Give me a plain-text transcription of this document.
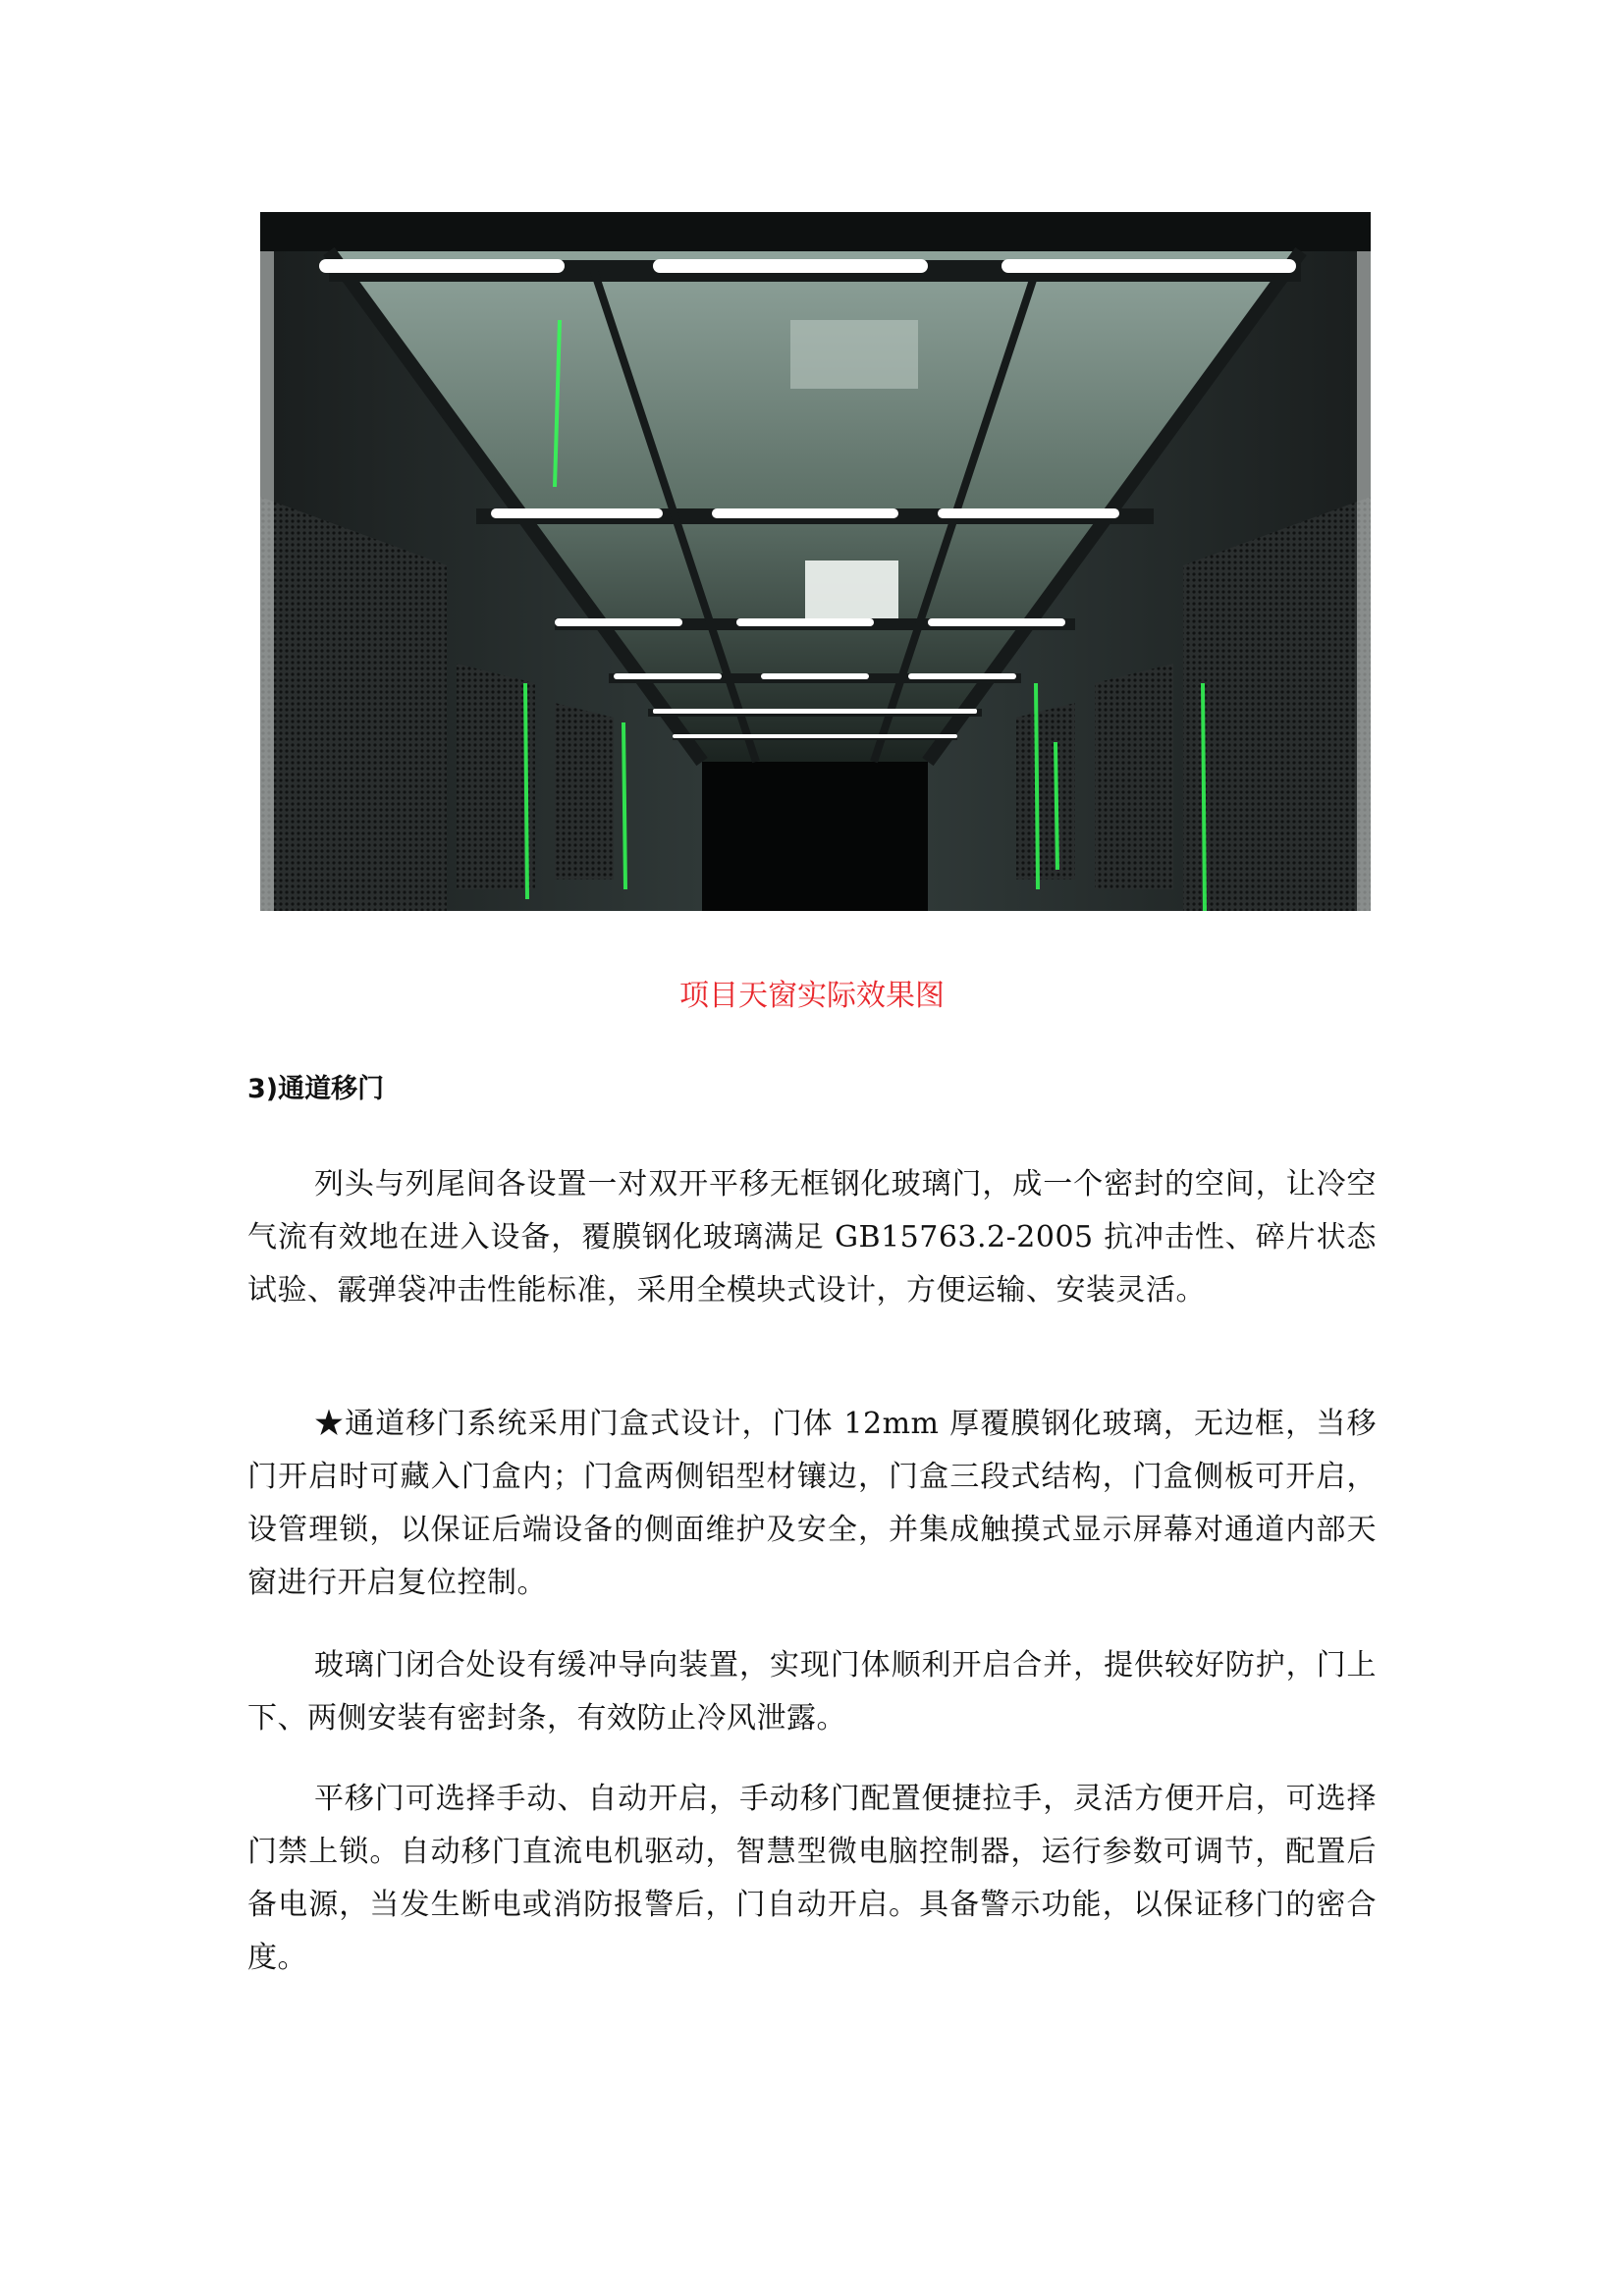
项目天窗实际效果图
3)通道移门

列头与列尾间各设置一对双开平移无框钢化玻璃门，成一个密封的空间，让冷空气流有效地在进入设备，覆膜钢化玻璃满足 GB15763.2-2005 抗冲击性、碎片状态试验、霰弹袋冲击性能标准，采用全模块式设计，方便运输、安装灵活。

★通道移门系统采用门盒式设计，门体 12mm 厚覆膜钢化玻璃，无边框，当移门开启时可藏入门盒内；门盒两侧铝型材镶边，门盒三段式结构，门盒侧板可开启，设管理锁，以保证后端设备的侧面维护及安全，并集成触摸式显示屏幕对通道内部天窗进行开启复位控制。

玻璃门闭合处设有缓冲导向装置，实现门体顺利开启合并，提供较好防护，门上下、两侧安装有密封条，有效防止冷风泄露。

平移门可选择手动、自动开启，手动移门配置便捷拉手，灵活方便开启，可选择门禁上锁。自动移门直流电机驱动，智慧型微电脑控制器，运行参数可调节，配置后备电源，当发生断电或消防报警后，门自动开启。具备警示功能，以保证移门的密合度。
